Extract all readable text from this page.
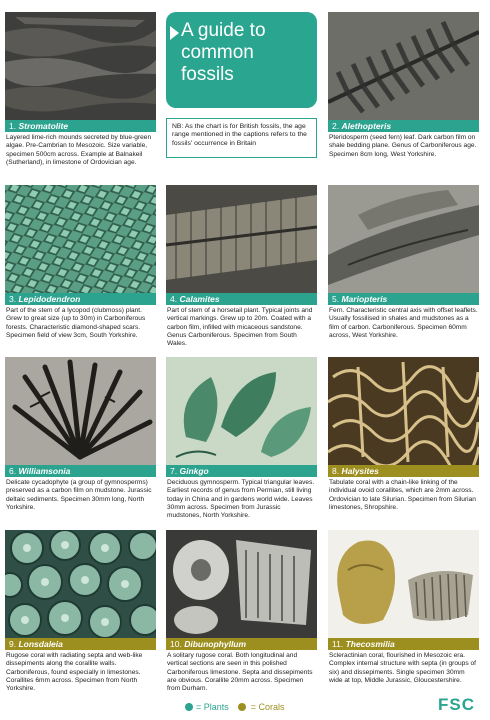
A guide to
common
fossils
NB: As the chart is for British fossils, the age range mentioned in the captions refers to the fossils' occurrence in Britain
1. Stromatolite
Layered lime-rich mounds secreted by blue-green algae. Pre-Cambrian to Mesozoic. Size variable, specimen 500cm across. Example at Balnakeil (Sutherland), in limestone of Ordovician age.
2. Alethopteris
Pteridosperm (seed fern) leaf. Dark carbon film on shale bedding plane. Genus of Carboniferous age. Specimen 8cm long, West Yorkshire.
3. Lepidodendron
Part of the stem of a lycopod (clubmoss) plant. Grew to great size (up to 30m) in Carboniferous forests. Characteristic diamond-shaped scars. Specimen field of view 3cm, South Yorkshire.
4. Calamites
Part of stem of a horsetail plant. Typical joints and vertical markings. Grew up to 20m. Coated with a carbon film, infilled with micaceous sandstone. Genus Carboniferous. Specimen from South Wales.
5. Mariopteris
Fern. Characteristic central axis with offset leaflets. Usually fossilised in shales and mudstones as a film of carbon. Carboniferous. Specimen 60mm across, West Yorkshire.
6. Williamsonia
Delicate cycadophyte (a group of gymnosperms) preserved as a carbon film on mudstone. Jurassic deltaic sediments. Specimen 30mm long, North Yorkshire.
7. Ginkgo
Deciduous gymnosperm. Typical triangular leaves. Earliest records of genus from Permian, still living today in China and in gardens world wide. Leaves 30mm across. Specimen from Jurassic mudstones, North Yorkshire.
8. Halysites
Tabulate coral with a chain-like linking of the individual ovoid corallites, which are 2mm across. Ordovician to late Silurian. Specimen from Silurian limestones, Shropshire.
9. Lonsdaleia
Rugose coral with radiating septa and web-like dissepiments along the corallite walls. Carboniferous, found especially in limestones. Corallites 6mm across. Specimen from North Yorkshire.
10. Dibunophyllum
A solitary rugose coral. Both longitudinal and vertical sections are seen in this polished Carboniferous limestone. Septa and dissepiments are obvious. Corallite 20mm across. Specimen from Durham.
11. Thecosmilia
Scleractinian coral, flourished in Mesozoic era. Complex internal structure with septa (in groups of six) and dissepiments. Single specimen 30mm wide at top, Middle Jurassic, Gloucestershire.
= Plants = Corals	FSC
